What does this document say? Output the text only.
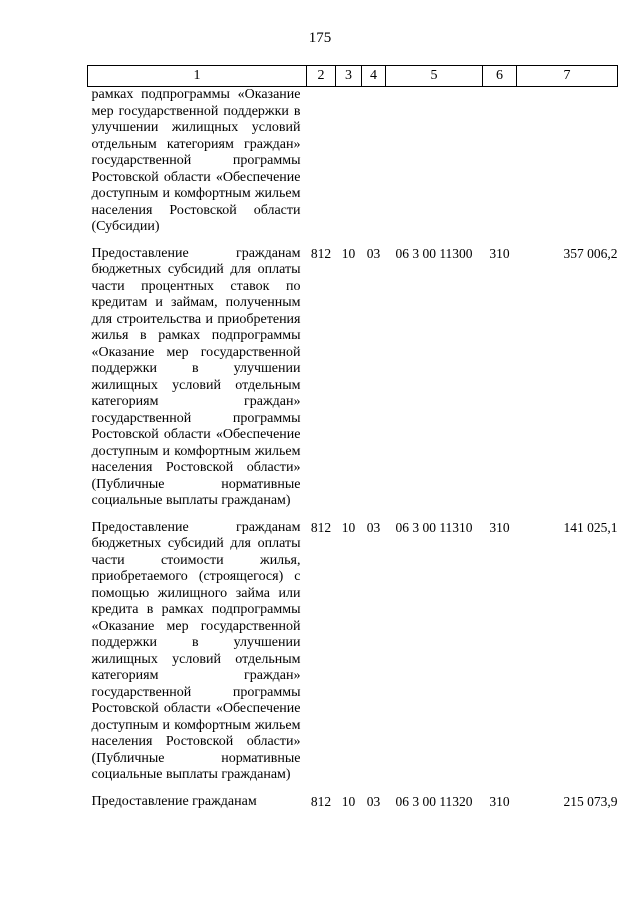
175
1	2	3	4	5	6	7
рамках подпрограммы «Оказание мер государственной поддержки в улучшении жилищных условий отдельным категориям граждан» государственной программы Ростовской области «Обеспечение доступным и комфортным жильем населения Ростовской области (Субсидии)						
Предоставление гражданам бюджетных субсидий для оплаты части процентных ставок по кредитам и займам, полученным для строительства и приобретения жилья в рамках подпрограммы «Оказание мер государственной поддержки в улучшении жилищных условий отдельным категориям граждан» государственной программы Ростовской области «Обеспечение доступным и комфортным жильем населения Ростовской области» (Публичные нормативные социальные выплаты гражданам)	812	10	03	06 3 00 11300	310	357 006,2
Предоставление гражданам бюджетных субсидий для оплаты части стоимости жилья, приобретаемого (строящегося) с помощью жилищного займа или кредита в рамках подпрограммы «Оказание мер государственной поддержки в улучшении жилищных условий отдельным категориям граждан» государственной программы Ростовской области «Обеспечение доступным и комфортным жильем населения Ростовской области» (Публичные нормативные социальные выплаты гражданам)	812	10	03	06 3 00 11310	310	141 025,1
Предоставление гражданам	812	10	03	06 3 00 11320	310	215 073,9
